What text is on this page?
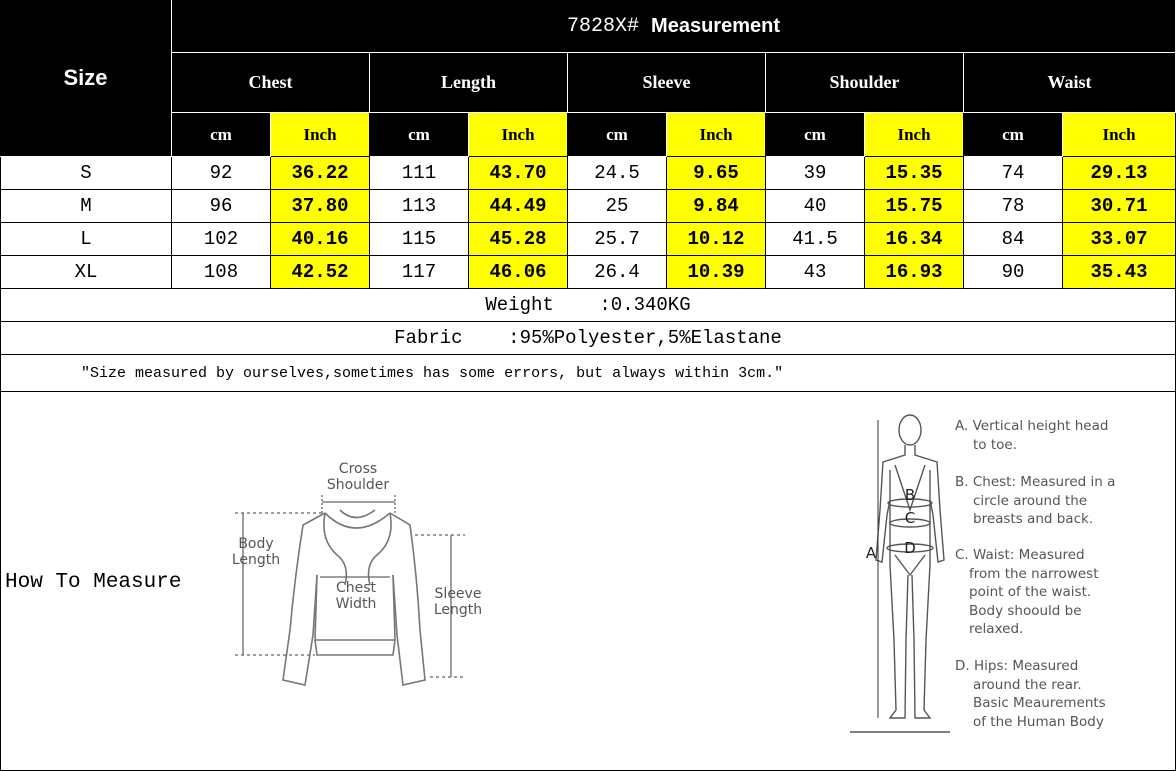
Size
7828X#
Measurement
Chest	Length	Sleeve	Shoulder	Waist
cm	Inch	cm	Inch	cm	Inch	cm	Inch	cm	Inch
S	92	36.22	111	43.70	24.5	9.65	39	15.35	74	29.13
M	96	37.80	113	44.49	25	9.84	40	15.75	78	30.71
L	102	40.16	115	45.28	25.7	10.12	41.5	16.34	84	33.07
XL	108	42.52	117	46.06	26.4	10.39	43	16.93	90	35.43
Weight    :0.340KG
Fabric    :95%Polyester,5%Elastane
"Size measured by ourselves,sometimes has some errors, but always within 3cm."
How To Measure
Cross
Shoulder
Body
Length
Chest
Width
Sleeve
Length
A
B
C
D
A. Vertical height head
to toe.
B. Chest: Measured in a
circle around the
breasts and back.
C. Waist: Measured
from the narrowest
point of the waist.
Body shoould be
relaxed.
D. Hips: Measured
around the rear.
Basic Meaurements
of the Human Body
